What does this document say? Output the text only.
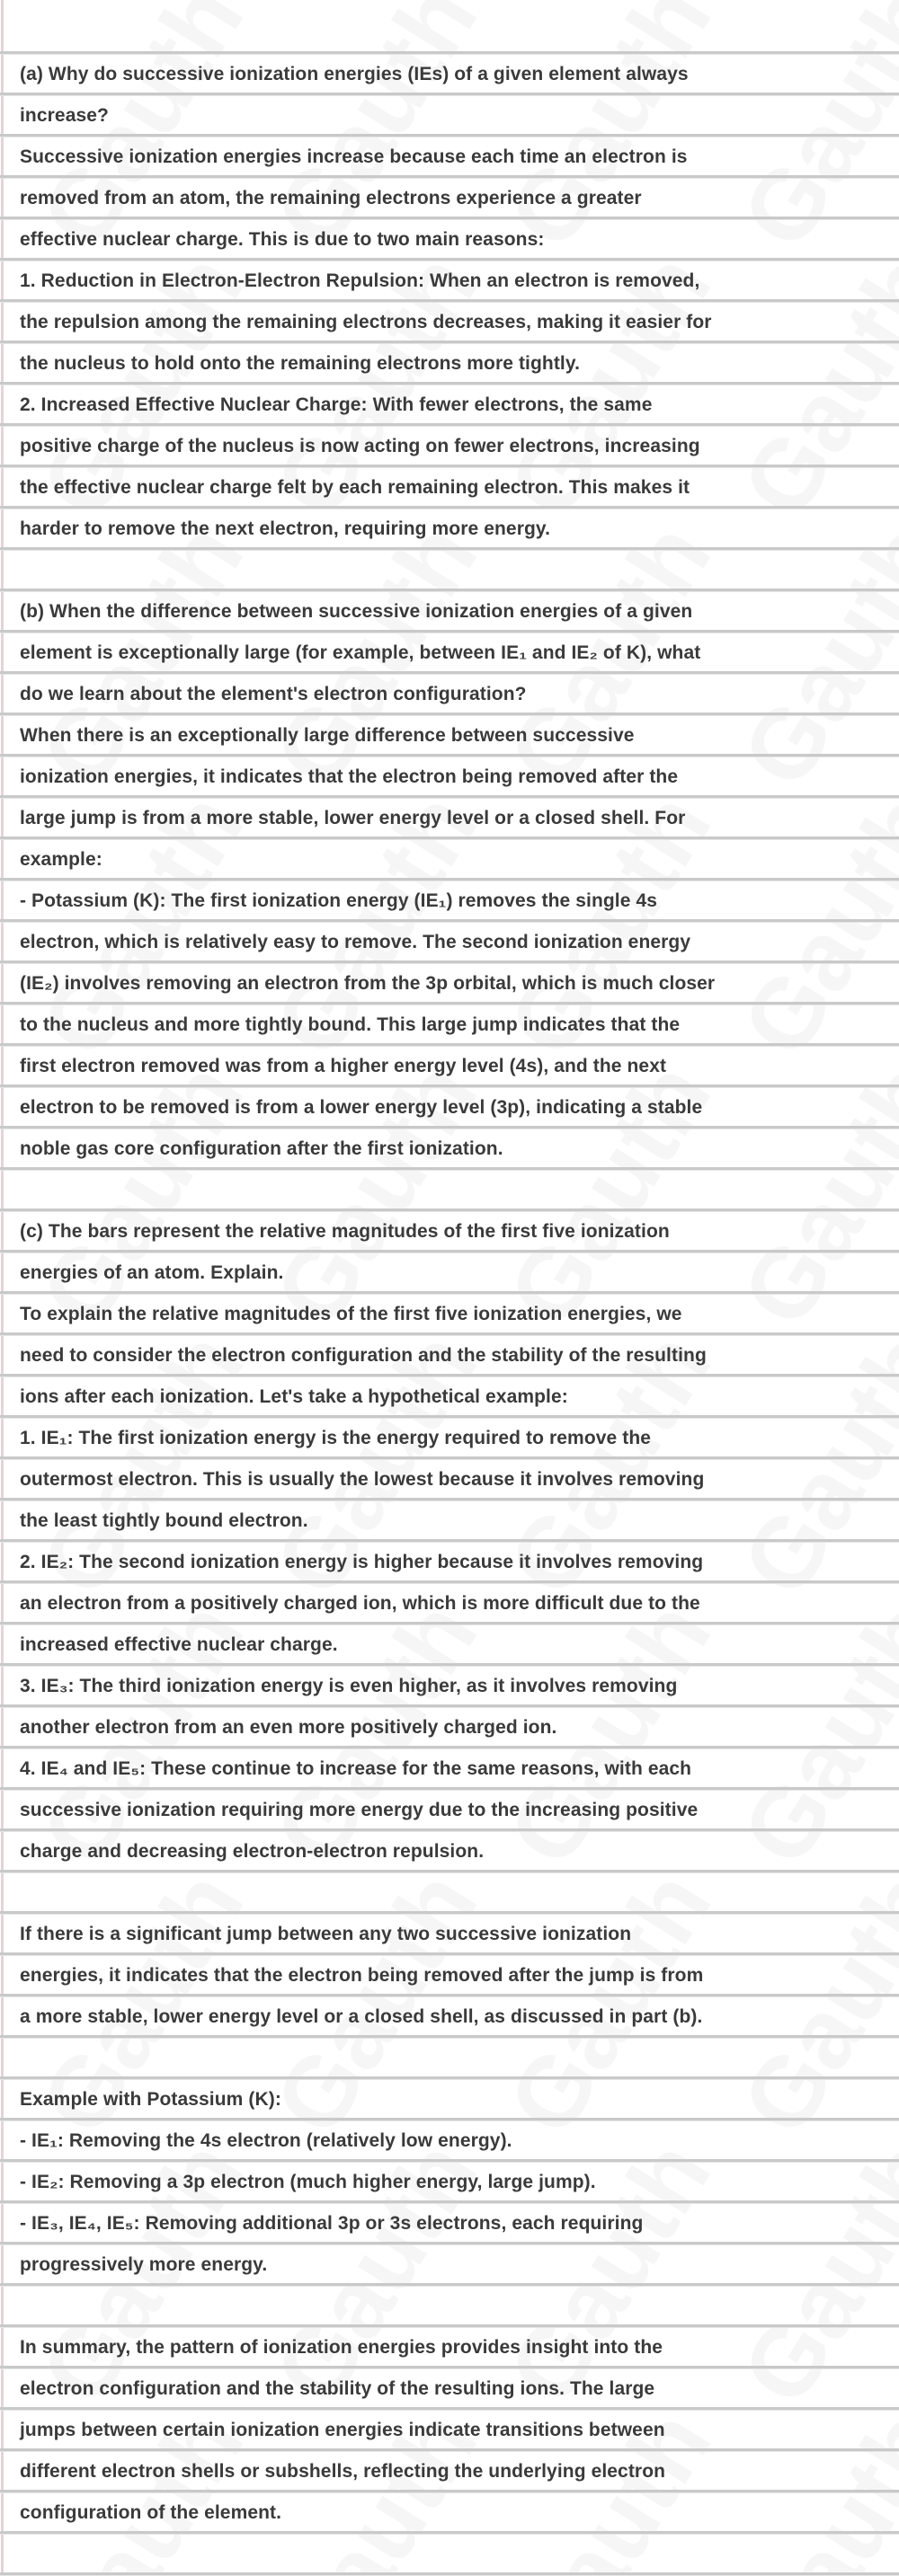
(a) Why do successive ionization energies (IEs) of a given element always
increase?
Successive ionization energies increase because each time an electron is
removed from an atom, the remaining electrons experience a greater
effective nuclear charge. This is due to two main reasons:
1. Reduction in Electron-Electron Repulsion: When an electron is removed,
the repulsion among the remaining electrons decreases, making it easier for
the nucleus to hold onto the remaining electrons more tightly.
2. Increased Effective Nuclear Charge: With fewer electrons, the same
positive charge of the nucleus is now acting on fewer electrons, increasing
the effective nuclear charge felt by each remaining electron. This makes it
harder to remove the next electron, requiring more energy.
(b) When the difference between successive ionization energies of a given
element is exceptionally large (for example, between IE₁ and IE₂ of K), what
do we learn about the element's electron configuration?
When there is an exceptionally large difference between successive
ionization energies, it indicates that the electron being removed after the
large jump is from a more stable, lower energy level or a closed shell. For
example:
- Potassium (K): The first ionization energy (IE₁) removes the single 4s
electron, which is relatively easy to remove. The second ionization energy
(IE₂) involves removing an electron from the 3p orbital, which is much closer
to the nucleus and more tightly bound. This large jump indicates that the
first electron removed was from a higher energy level (4s), and the next
electron to be removed is from a lower energy level (3p), indicating a stable
noble gas core configuration after the first ionization.
(c) The bars represent the relative magnitudes of the first five ionization
energies of an atom. Explain.
To explain the relative magnitudes of the first five ionization energies, we
need to consider the electron configuration and the stability of the resulting
ions after each ionization. Let's take a hypothetical example:
1. IE₁: The first ionization energy is the energy required to remove the
outermost electron. This is usually the lowest because it involves removing
the least tightly bound electron.
2. IE₂: The second ionization energy is higher because it involves removing
an electron from a positively charged ion, which is more difficult due to the
increased effective nuclear charge.
3. IE₃: The third ionization energy is even higher, as it involves removing
another electron from an even more positively charged ion.
4. IE₄ and IE₅: These continue to increase for the same reasons, with each
successive ionization requiring more energy due to the increasing positive
charge and decreasing electron-electron repulsion.
If there is a significant jump between any two successive ionization
energies, it indicates that the electron being removed after the jump is from
a more stable, lower energy level or a closed shell, as discussed in part (b).
Example with Potassium (K):
- IE₁: Removing the 4s electron (relatively low energy).
- IE₂: Removing a 3p electron (much higher energy, large jump).
- IE₃, IE₄, IE₅: Removing additional 3p or 3s electrons, each requiring
progressively more energy.
In summary, the pattern of ionization energies provides insight into the
electron configuration and the stability of the resulting ions. The large
jumps between certain ionization energies indicate transitions between
different electron shells or subshells, reflecting the underlying electron
configuration of the element.
